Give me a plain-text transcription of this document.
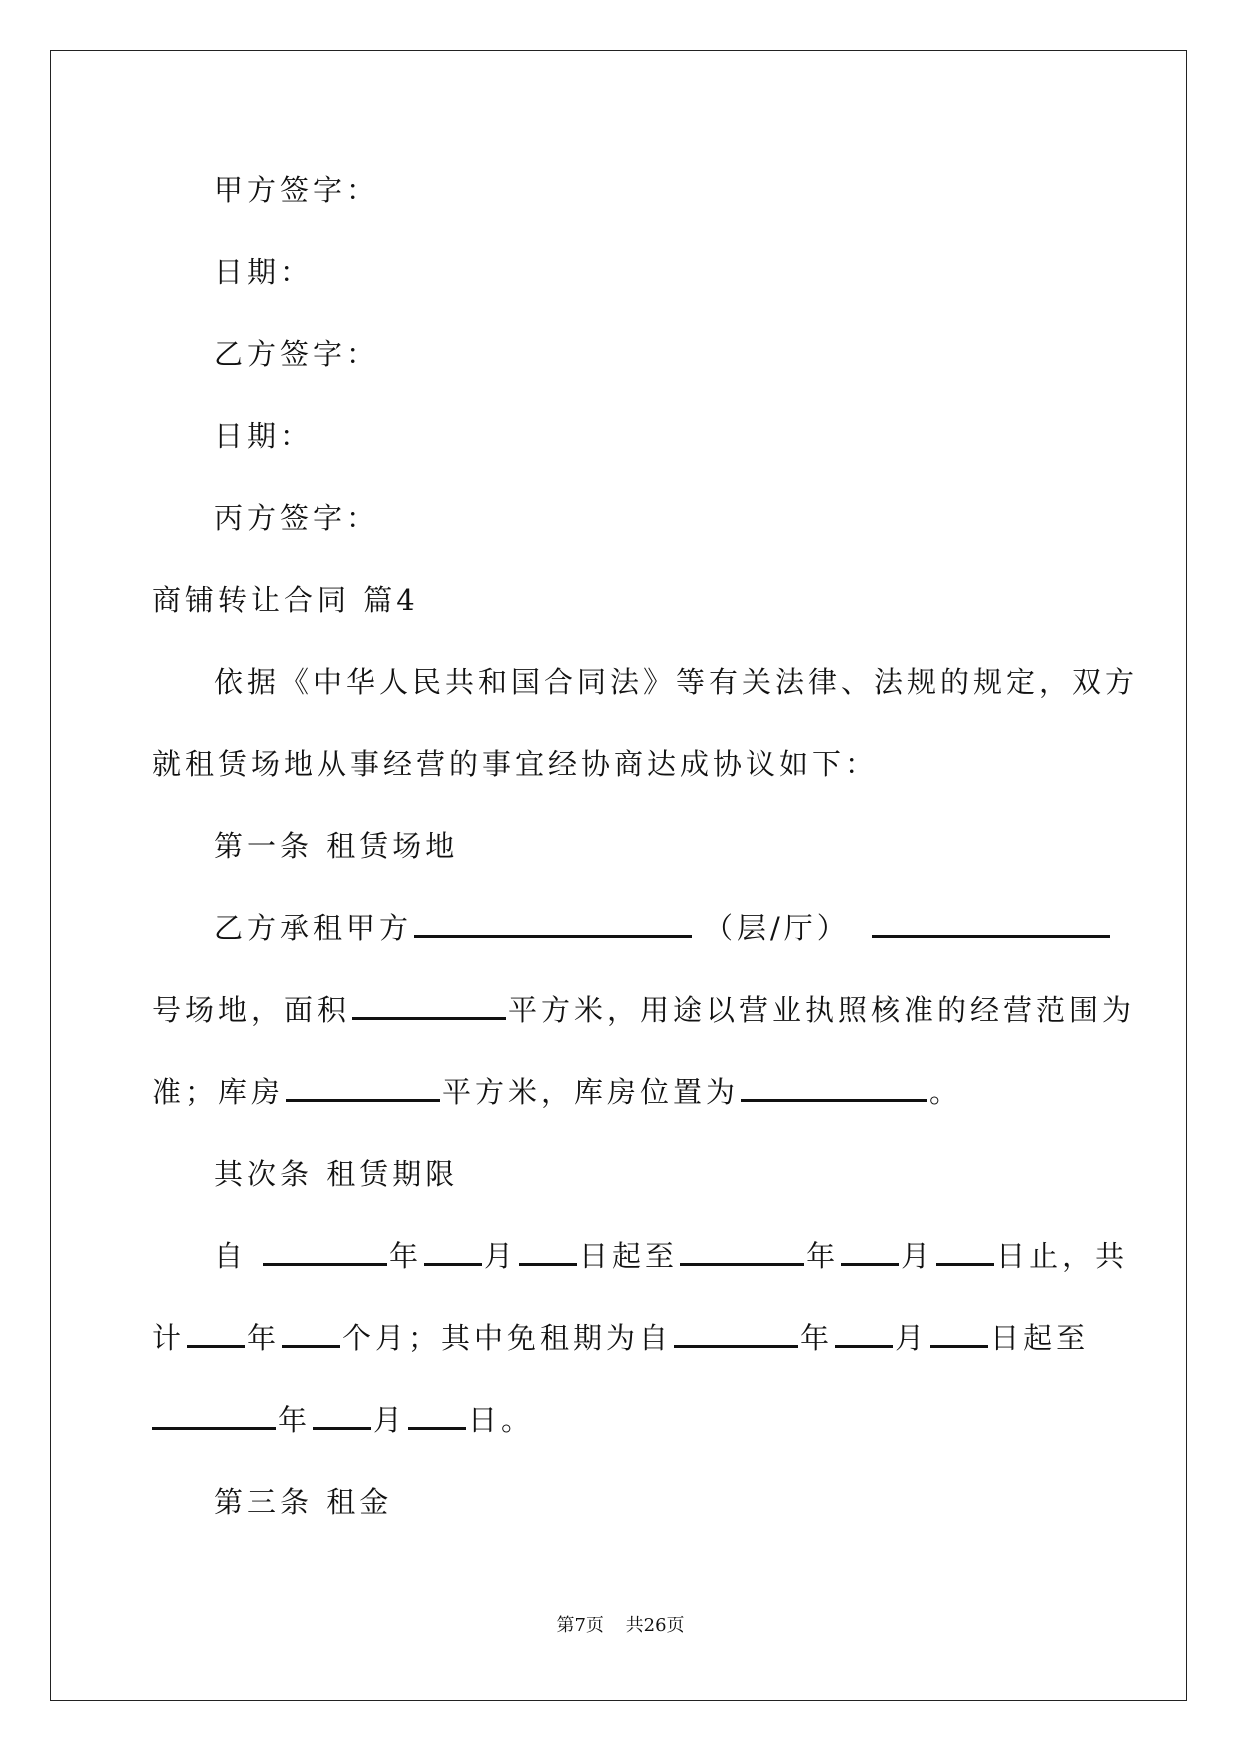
甲方签字：
日期：
乙方签字：
日期：
丙方签字：
商铺转让合同 篇4
依据《中华人民共和国合同法》等有关法律、法规的规定，双方
就租赁场地从事经营的事宜经协商达成协议如下：
第一条 租赁场地
乙方承租甲方	（层/厅）
号场地，面积	平方米，用途以营业执照核准的经营范围为
准；库房	平方米，库房位置为	。
其次条 租赁期限
自	年 月 日起至	年 月 日止，共
计 年 个月；其中免租期为自	年 月 日起至
年 月 日。
第三条 租金
第7页 共26页
